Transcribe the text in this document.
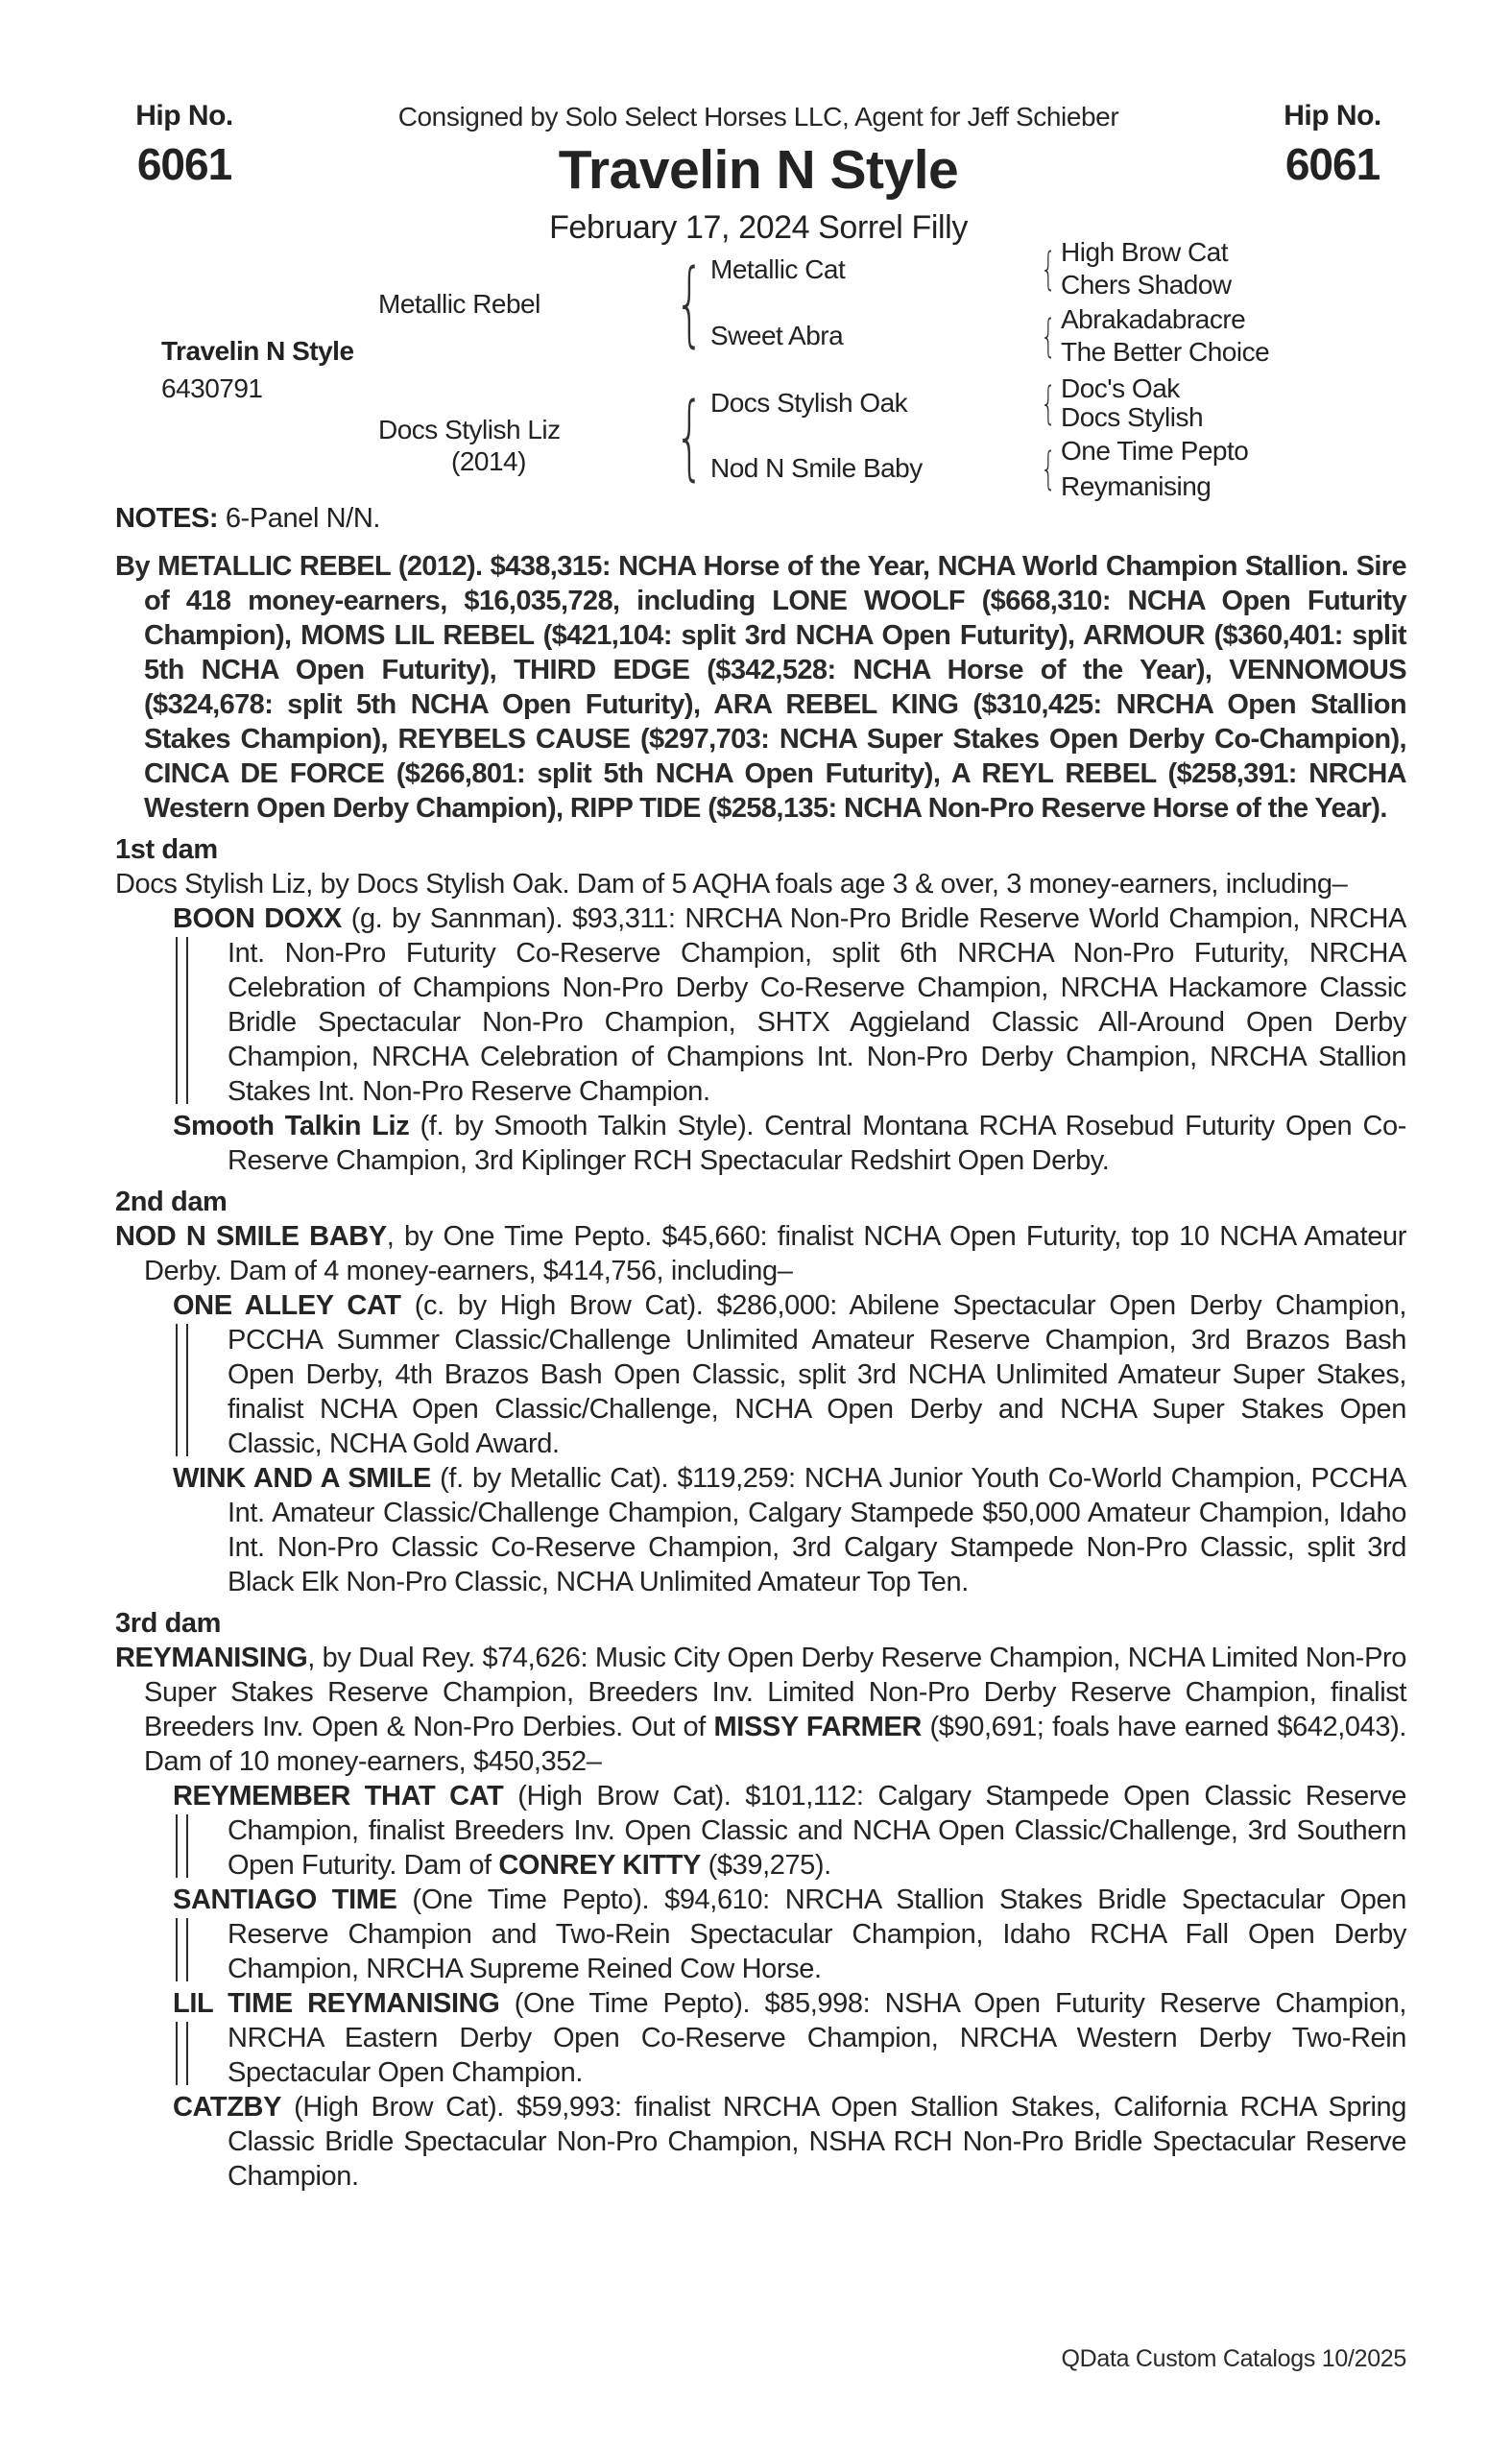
Hip No.
6061
Hip No.
6061
Consigned by Solo Select Horses LLC, Agent for Jeff Schieber
Travelin N Style
February 17, 2024 Sorrel Filly
Travelin N Style
6430791
Metallic Rebel
Docs Stylish Liz
(2014)
{
{
Metallic Cat
Sweet Abra
Docs Stylish Oak
Nod N Smile Baby
{
{
{
{
High Brow Cat
Chers Shadow
Abrakadabracre
The Better Choice
Doc's Oak
Docs Stylish
One Time Pepto
Reymanising
NOTES: 6-Panel N/N.
By METALLIC REBEL (2012). $438,315: NCHA Horse of the Year, NCHA World Champion Stallion. Sire of 418 money-earners, $16,035,728, including LONE WOOLF ($668,310: NCHA Open Futurity Champion), MOMS LIL REBEL ($421,104: split 3rd NCHA Open Futurity), ARMOUR ($360,401: split 5th NCHA Open Futurity), THIRD EDGE ($342,528: NCHA Horse of the Year), VENNOMOUS ($324,678: split 5th NCHA Open Futurity), ARA REBEL KING ($310,425: NRCHA Open Stallion Stakes Champion), REYBELS CAUSE ($297,703: NCHA Super Stakes Open Derby Co-Champion), CINCA DE FORCE ($266,801: split 5th NCHA Open Futurity), A REYL REBEL ($258,391: NRCHA Western Open Derby Champion), RIPP TIDE ($258,135: NCHA Non-Pro Reserve Horse of the Year).
1st dam
Docs Stylish Liz, by Docs Stylish Oak. Dam of 5 AQHA foals age 3 & over, 3 money-earners, including–
BOON DOXX (g. by Sannman). $93,311: NRCHA Non-Pro Bridle Reserve World Champion, NRCHA Int. Non-Pro Futurity Co-Reserve Champion, split 6th NRCHA Non-Pro Futurity, NRCHA Celebration of Champions Non-Pro Derby Co-Reserve Champion, NRCHA Hackamore Classic Bridle Spectacular Non-Pro Champion, SHTX Aggieland Classic All-Around Open Derby Champion, NRCHA Celebration of Champions Int. Non-Pro Derby Champion, NRCHA Stallion Stakes Int. Non-Pro Reserve Champion.
Smooth Talkin Liz (f. by Smooth Talkin Style). Central Montana RCHA Rosebud Futurity Open Co-Reserve Champion, 3rd Kiplinger RCH Spectacular Redshirt Open Derby.
2nd dam
NOD N SMILE BABY, by One Time Pepto. $45,660: finalist NCHA Open Futurity, top 10 NCHA Amateur Derby. Dam of 4 money-earners, $414,756, including–
ONE ALLEY CAT (c. by High Brow Cat). $286,000: Abilene Spectacular Open Derby Champion, PCCHA Summer Classic/Challenge Unlimited Amateur Reserve Champion, 3rd Brazos Bash Open Derby, 4th Brazos Bash Open Classic, split 3rd NCHA Unlimited Amateur Super Stakes, finalist NCHA Open Classic/Challenge, NCHA Open Derby and NCHA Super Stakes Open Classic, NCHA Gold Award.
WINK AND A SMILE (f. by Metallic Cat). $119,259: NCHA Junior Youth Co-World Champion, PCCHA Int. Amateur Classic/Challenge Champion, Calgary Stampede $50,000 Amateur Champion, Idaho Int. Non-Pro Classic Co-Reserve Champion, 3rd Calgary Stampede Non-Pro Classic, split 3rd Black Elk Non-Pro Classic, NCHA Unlimited Amateur Top Ten.
3rd dam
REYMANISING, by Dual Rey. $74,626: Music City Open Derby Reserve Champion, NCHA Limited Non-Pro Super Stakes Reserve Champion, Breeders Inv. Limited Non-Pro Derby Reserve Champion, finalist Breeders Inv. Open & Non-Pro Derbies. Out of MISSY FARMER ($90,691; foals have earned $642,043). Dam of 10 money-earners, $450,352–
REYMEMBER THAT CAT (High Brow Cat). $101,112: Calgary Stampede Open Classic Reserve Champion, finalist Breeders Inv. Open Classic and NCHA Open Classic/Challenge, 3rd Southern Open Futurity. Dam of CONREY KITTY ($39,275).
SANTIAGO TIME (One Time Pepto). $94,610: NRCHA Stallion Stakes Bridle Spectacular Open Reserve Champion and Two-Rein Spectacular Champion, Idaho RCHA Fall Open Derby Champion, NRCHA Supreme Reined Cow Horse.
LIL TIME REYMANISING (One Time Pepto). $85,998: NSHA Open Futurity Reserve Champion, NRCHA Eastern Derby Open Co-Reserve Champion, NRCHA Western Derby Two-Rein Spectacular Open Champion.
CATZBY (High Brow Cat). $59,993: finalist NRCHA Open Stallion Stakes, California RCHA Spring Classic Bridle Spectacular Non-Pro Champion, NSHA RCH Non-Pro Bridle Spectacular Reserve Champion.
QData Custom Catalogs 10/2025
